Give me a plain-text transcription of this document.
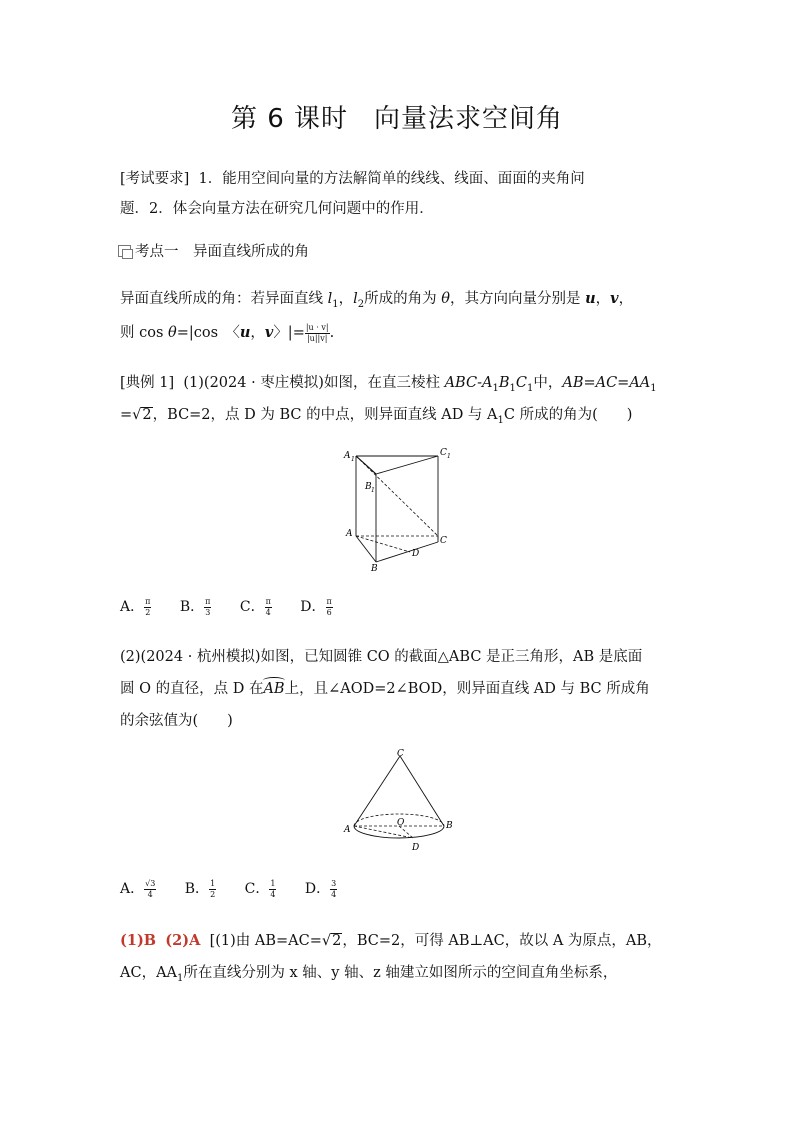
第 6 课时 向量法求空间角
[考试要求] 1．能用空间向量的方法解简单的线线、线面、面面的夹角问
题．2．体会向量方法在研究几何问题中的作用．
考点一　异面直线所成的角
异面直线所成的角：若异面直线 $l_1$，$l_2$所成的角为 θ，其方向向量分别是 u，v，
则 cos θ=|cos　〈u，v〉|= $\frac{|u \cdot v|}{|u||v|}$ .
[典例 1] (1)(2024 · 枣庄模拟)如图，在直三棱柱 ABC-$A_1B_1C_1$中，$AB=AC=AA_1$
=√2，BC=2，点 D 为 BC 的中点，则异面直线 AD 与 $A_1C$ 所成的角为(　　)
A 1
C 1
B 1
A
B
C
D
A． $\frac{\pi}{2}$ B． $\frac{\pi}{3}$ C． $\frac{\pi}{4}$ D． $\frac{\pi}{6}$
(2)(2024 · 杭州模拟)如图，已知圆锥 CO 的截面△ABC 是正三角形，AB 是底面
圆 O 的直径，点 D 在
AB上，且∠AOD=2∠BOD，则异面直线 AD 与 BC 所成角
的余弦值为(　　)
C
O
A	B
D
A． $\frac{√3}{4}$ B． $\frac{1}{2}$ C． $\frac{1}{4}$ D． $\frac{3}{4}$
(1)B (2)A [(1)由 AB=AC=√2，BC=2，可得 AB⊥AC，故以 A 为原点，AB，
AC，$AA_1$所在直线分别为 x 轴、y 轴、z 轴建立如图所示的空间直角坐标系，
